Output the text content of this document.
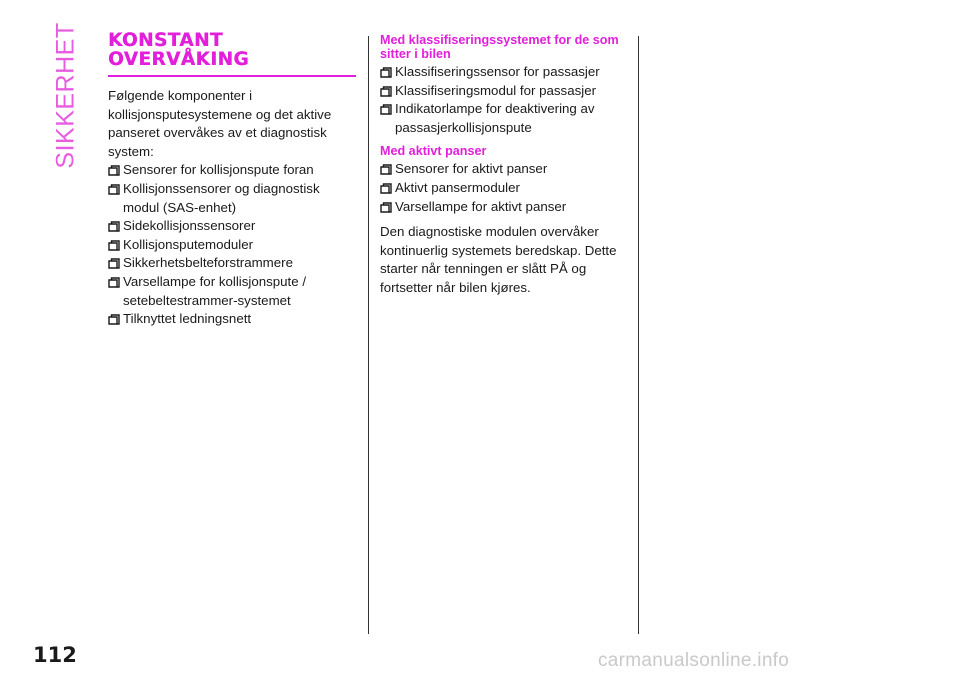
SIKKERHET KONSTANT
OVERVÅKING

Følgende komponenter i kollisjonsputesystemene og det aktive panseret overvåkes av et diagnostisk system:

Sensorer for kollisjonspute foran
Kollisjonssensorer og diagnostisk modul (SAS-enhet)
Sidekollisjonssensorer
Kollisjonsputemoduler
Sikkerhetsbelteforstrammere
Varsellampe for kollisjonspute / setebeltestrammer-systemet
Tilknyttet ledningsnett

Med klassifiseringssystemet for de som sitter i bilen

Klassifiseringssensor for passasjer
Klassifiseringsmodul for passasjer
Indikatorlampe for deaktivering av passasjerkollisjonspute

Med aktivt panser

Sensorer for aktivt panser
Aktivt pansermoduler
Varsellampe for aktivt panser

Den diagnostiske modulen overvåker kontinuerlig systemets beredskap. Dette starter når tenningen er slått PÅ og fortsetter når bilen kjøres.

112	carmanualsonline.info
